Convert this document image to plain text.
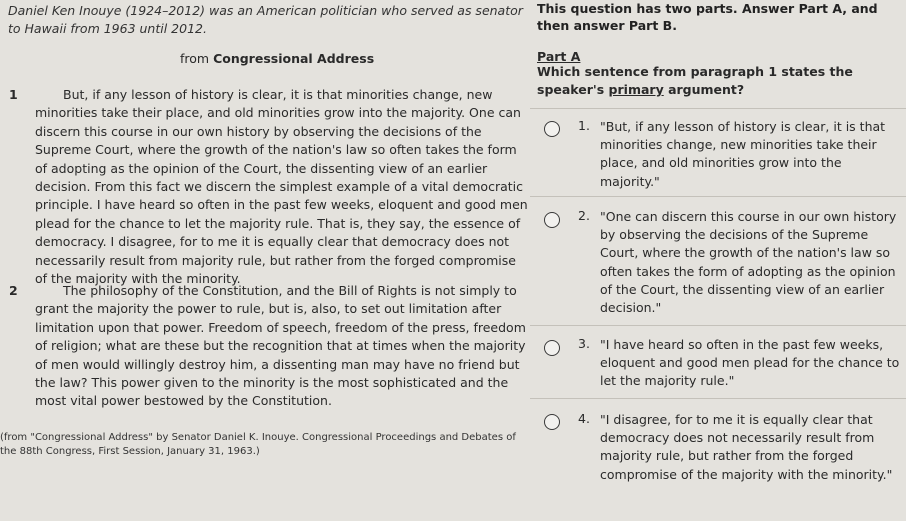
Daniel Ken Inouye (1924–2012) was an American politician who served as senator to Hawaii from 1963 until 2012.
from Congressional Address
1	But, if any lesson of history is clear, it is that minorities change, new minorities take their place, and old minorities grow into the majority. One can discern this course in our own history by observing the decisions of the Supreme Court, where the growth of the nation's law so often takes the form of adopting as the opinion of the Court, the dissenting view of an earlier decision. From this fact we discern the simplest example of a vital democratic principle. I have heard so often in the past few weeks, eloquent and good men plead for the chance to let the majority rule. That is, they say, the essence of democracy. I disagree, for to me it is equally clear that democracy does not necessarily result from majority rule, but rather from the forged compromise of the majority with the minority.
2	The philosophy of the Constitution, and the Bill of Rights is not simply to grant the majority the power to rule, but is, also, to set out limitation after limitation upon that power. Freedom of speech, freedom of the press, freedom of religion; what are these but the recognition that at times when the majority of men would willingly destroy him, a dissenting man may have no friend but the law? This power given to the minority is the most sophisticated and the most vital power bestowed by the Constitution.
(from "Congressional Address" by Senator Daniel K. Inouye. Congressional Proceedings and Debates of the 88th Congress, First Session, January 31, 1963.)
This question has two parts. Answer Part A, and then answer Part B.
Part A
Which sentence from paragraph 1 states the speaker's primary argument?
1. "But, if any lesson of history is clear, it is that minorities change, new minorities take their place, and old minorities grow into the majority."
2. "One can discern this course in our own history by observing the decisions of the Supreme Court, where the growth of the nation's law so often takes the form of adopting as the opinion of the Court, the dissenting view of an earlier decision."
3. "I have heard so often in the past few weeks, eloquent and good men plead for the chance to let the majority rule."
4. "I disagree, for to me it is equally clear that democracy does not necessarily result from majority rule, but rather from the forged compromise of the majority with the minority."
